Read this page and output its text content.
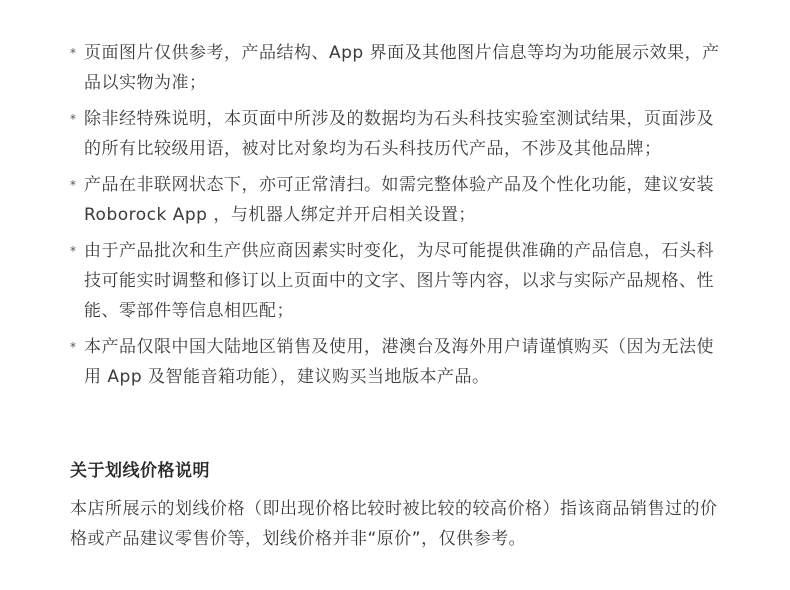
* 页面图片仅供参考，产品结构、App 界面及其他图片信息等均为功能展示效果，产品以实物为准；
* 除非经特殊说明，本页面中所涉及的数据均为石头科技实验室测试结果，页面涉及的所有比较级用语，被对比对象均为石头科技历代产品，不涉及其他品牌；
* 产品在非联网状态下，亦可正常清扫。如需完整体验产品及个性化功能，建议安装 Roborock App ，与机器人绑定并开启相关设置；
* 由于产品批次和生产供应商因素实时变化，为尽可能提供准确的产品信息，石头科技可能实时调整和修订以上页面中的文字、图片等内容，以求与实际产品规格、性能、零部件等信息相匹配；
* 本产品仅限中国大陆地区销售及使用，港澳台及海外用户请谨慎购买（因为无法使用 App 及智能音箱功能），建议购买当地版本产品。
关于划线价格说明

本店所展示的划线价格（即出现价格比较时被比较的较高价格）指该商品销售过的价格或产品建议零售价等，划线价格并非“原价”，仅供参考。
